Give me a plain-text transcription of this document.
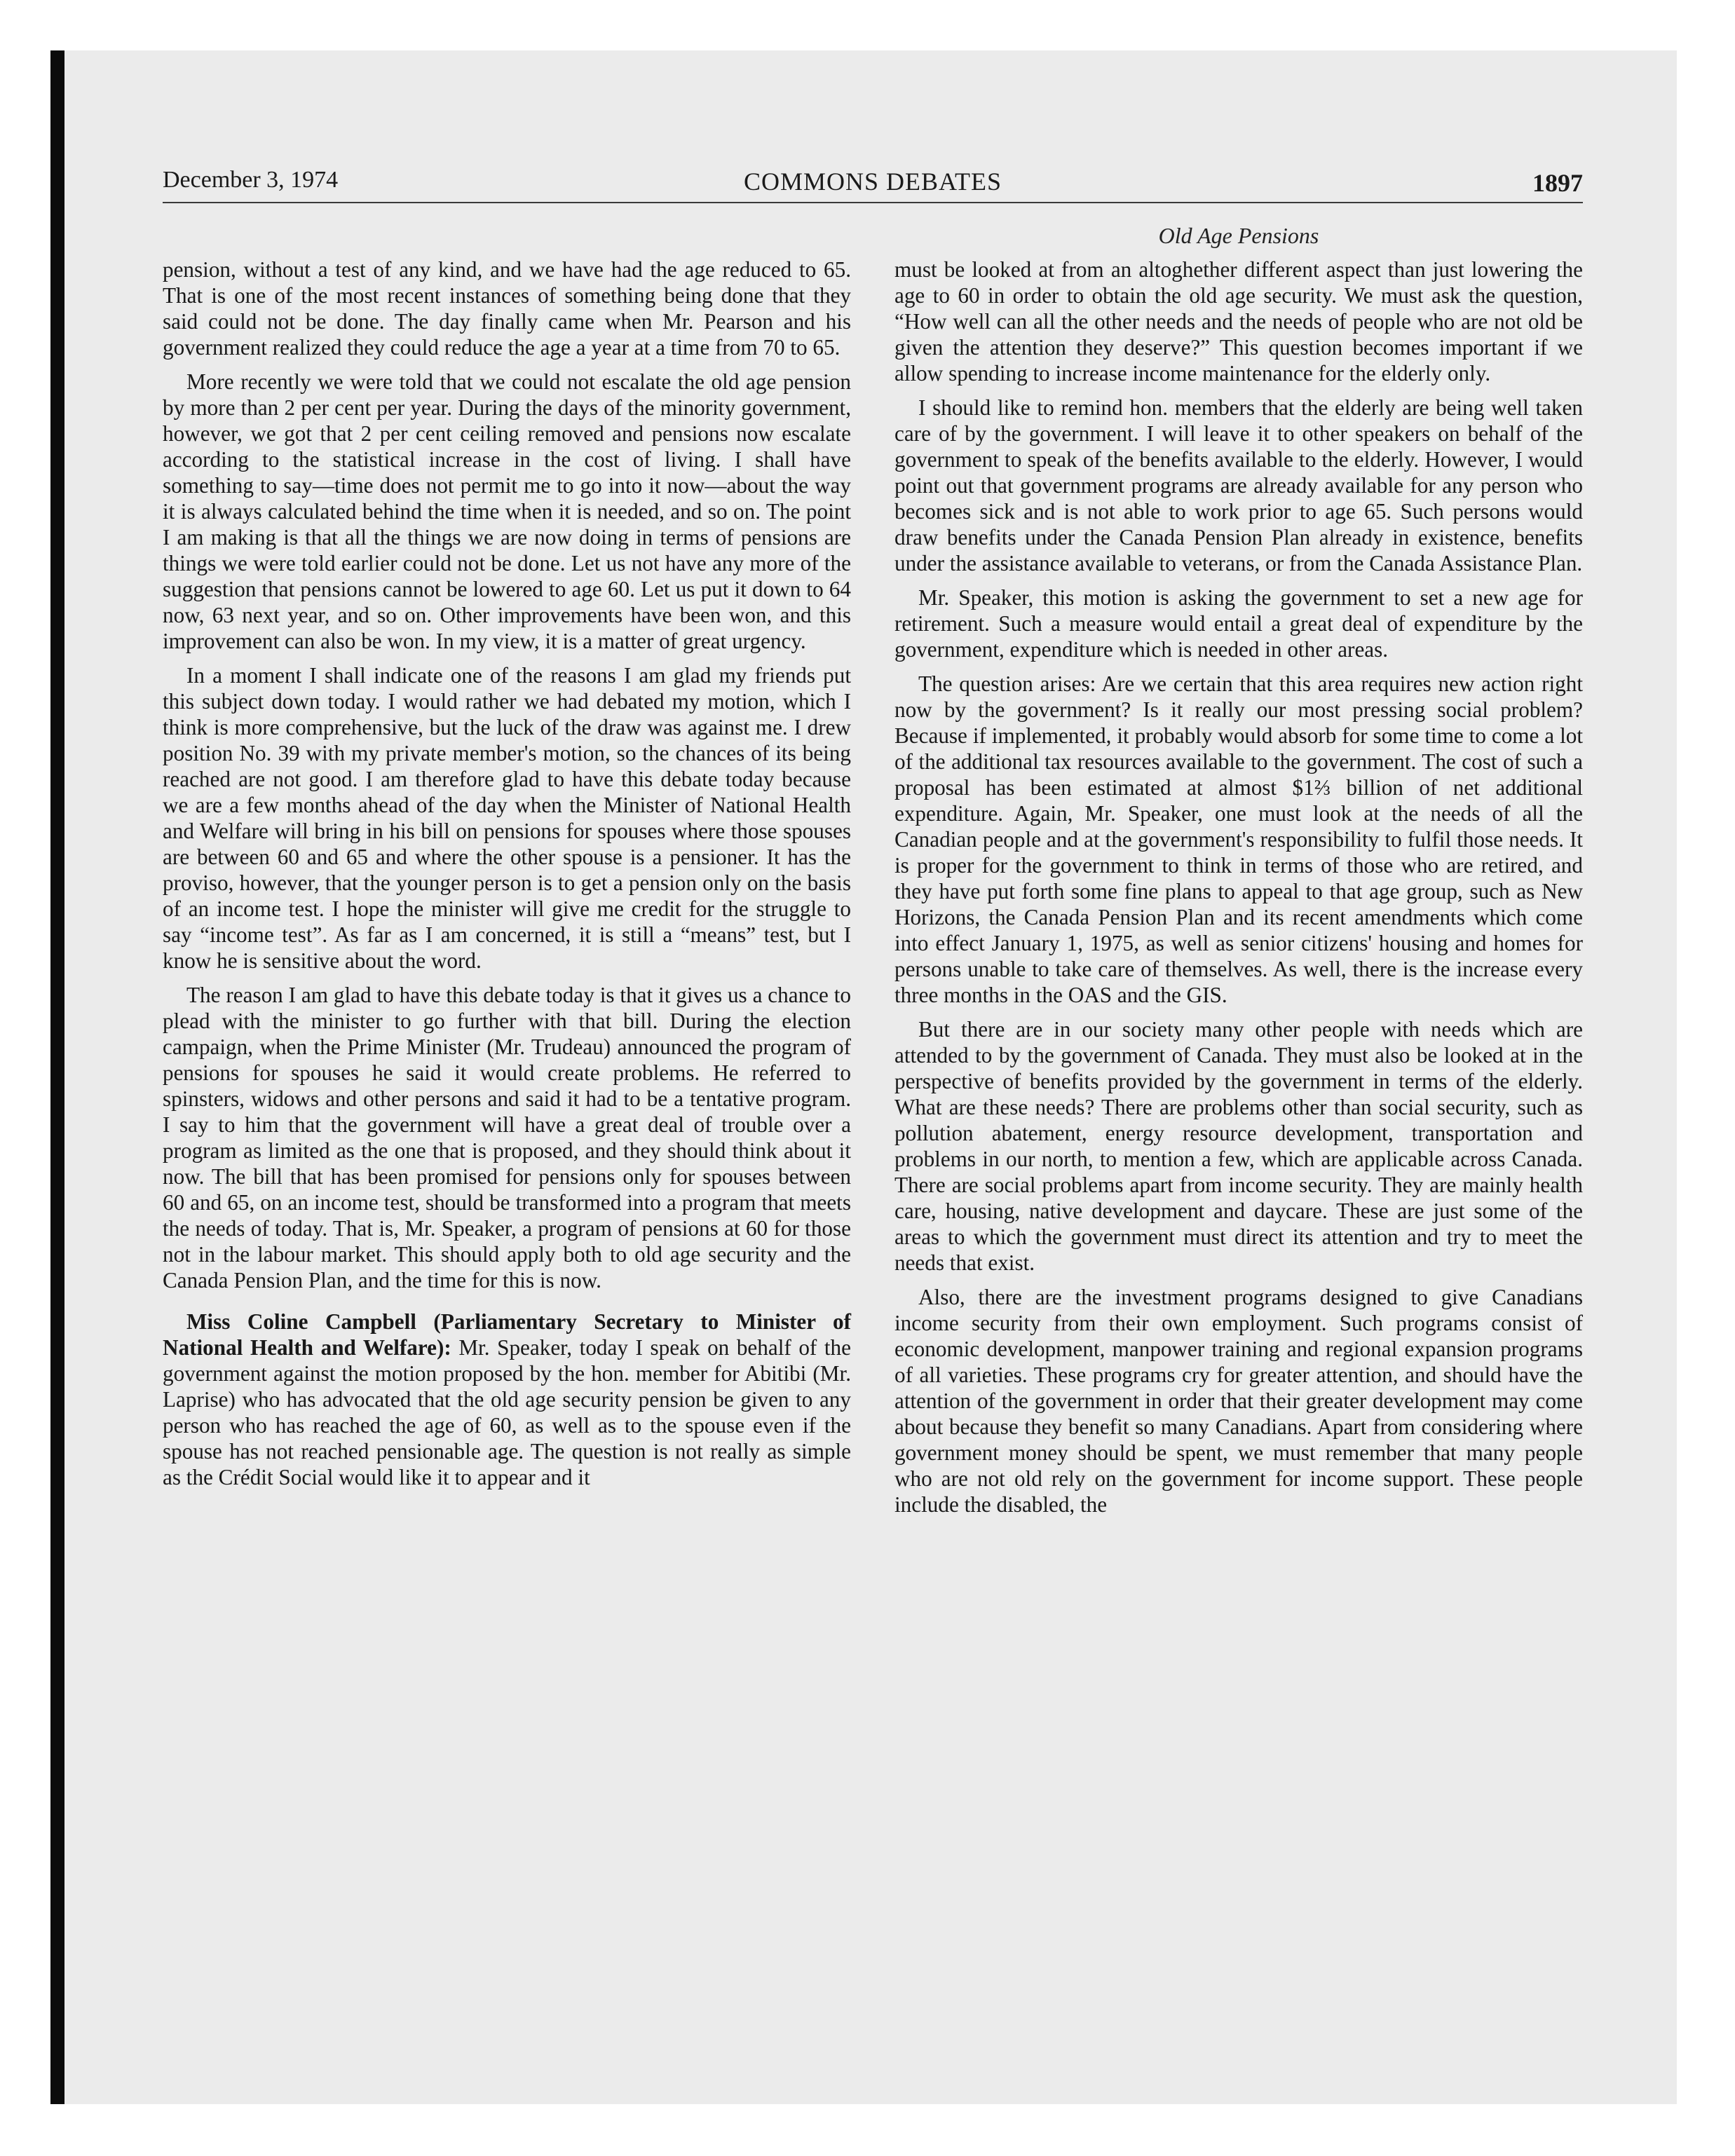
December 3, 1974	COMMONS DEBATES	1897
Old Age Pensions

pension, without a test of any kind, and we have had the age reduced to 65. That is one of the most recent instances of something being done that they said could not be done. The day finally came when Mr. Pearson and his government realized they could reduce the age a year at a time from 70 to 65.

More recently we were told that we could not escalate the old age pension by more than 2 per cent per year. During the days of the minority government, however, we got that 2 per cent ceiling removed and pensions now escalate according to the statistical increase in the cost of living. I shall have something to say—time does not permit me to go into it now—about the way it is always calculated behind the time when it is needed, and so on. The point I am making is that all the things we are now doing in terms of pensions are things we were told earlier could not be done. Let us not have any more of the suggestion that pensions cannot be lowered to age 60. Let us put it down to 64 now, 63 next year, and so on. Other improvements have been won, and this improvement can also be won. In my view, it is a matter of great urgency.

In a moment I shall indicate one of the reasons I am glad my friends put this subject down today. I would rather we had debated my motion, which I think is more comprehensive, but the luck of the draw was against me. I drew position No. 39 with my private member's motion, so the chances of its being reached are not good. I am therefore glad to have this debate today because we are a few months ahead of the day when the Minister of National Health and Welfare will bring in his bill on pensions for spouses where those spouses are between 60 and 65 and where the other spouse is a pensioner. It has the proviso, however, that the younger person is to get a pension only on the basis of an income test. I hope the minister will give me credit for the struggle to say “income test”. As far as I am concerned, it is still a “means” test, but I know he is sensitive about the word.

The reason I am glad to have this debate today is that it gives us a chance to plead with the minister to go further with that bill. During the election campaign, when the Prime Minister (Mr. Trudeau) announced the program of pensions for spouses he said it would create problems. He referred to spinsters, widows and other persons and said it had to be a tentative program. I say to him that the government will have a great deal of trouble over a program as limited as the one that is proposed, and they should think about it now. The bill that has been promised for pensions only for spouses between 60 and 65, on an income test, should be transformed into a program that meets the needs of today. That is, Mr. Speaker, a program of pensions at 60 for those not in the labour market. This should apply both to old age security and the Canada Pension Plan, and the time for this is now.

Miss Coline Campbell (Parliamentary Secretary to Minister of National Health and Welfare): Mr. Speaker, today I speak on behalf of the government against the motion proposed by the hon. member for Abitibi (Mr. Laprise) who has advocated that the old age security pension be given to any person who has reached the age of 60, as well as to the spouse even if the spouse has not reached pensionable age. The question is not really as simple as the Crédit Social would like it to appear and it

must be looked at from an altoghether different aspect than just lowering the age to 60 in order to obtain the old age security. We must ask the question, “How well can all the other needs and the needs of people who are not old be given the attention they deserve?” This question becomes important if we allow spending to increase income maintenance for the elderly only.

I should like to remind hon. members that the elderly are being well taken care of by the government. I will leave it to other speakers on behalf of the government to speak of the benefits available to the elderly. However, I would point out that government programs are already available for any person who becomes sick and is not able to work prior to age 65. Such persons would draw benefits under the Canada Pension Plan already in existence, benefits under the assistance available to veterans, or from the Canada Assistance Plan.

Mr. Speaker, this motion is asking the government to set a new age for retirement. Such a measure would entail a great deal of expenditure by the government, expenditure which is needed in other areas.

The question arises: Are we certain that this area requires new action right now by the government? Is it really our most pressing social problem? Because if implemented, it probably would absorb for some time to come a lot of the additional tax resources available to the government. The cost of such a proposal has been estimated at almost $1⅔ billion of net additional expenditure. Again, Mr. Speaker, one must look at the needs of all the Canadian people and at the government's responsibility to fulfil those needs. It is proper for the government to think in terms of those who are retired, and they have put forth some fine plans to appeal to that age group, such as New Horizons, the Canada Pension Plan and its recent amendments which come into effect January 1, 1975, as well as senior citizens' housing and homes for persons unable to take care of themselves. As well, there is the increase every three months in the OAS and the GIS.

But there are in our society many other people with needs which are attended to by the government of Canada. They must also be looked at in the perspective of benefits provided by the government in terms of the elderly. What are these needs? There are problems other than social security, such as pollution abatement, energy resource development, transportation and problems in our north, to mention a few, which are applicable across Canada. There are social problems apart from income security. They are mainly health care, housing, native development and daycare. These are just some of the areas to which the government must direct its attention and try to meet the needs that exist.

Also, there are the investment programs designed to give Canadians income security from their own employment. Such programs consist of economic development, manpower training and regional expansion programs of all varieties. These programs cry for greater attention, and should have the attention of the government in order that their greater development may come about because they benefit so many Canadians. Apart from considering where government money should be spent, we must remember that many people who are not old rely on the government for income support. These people include the disabled, the
